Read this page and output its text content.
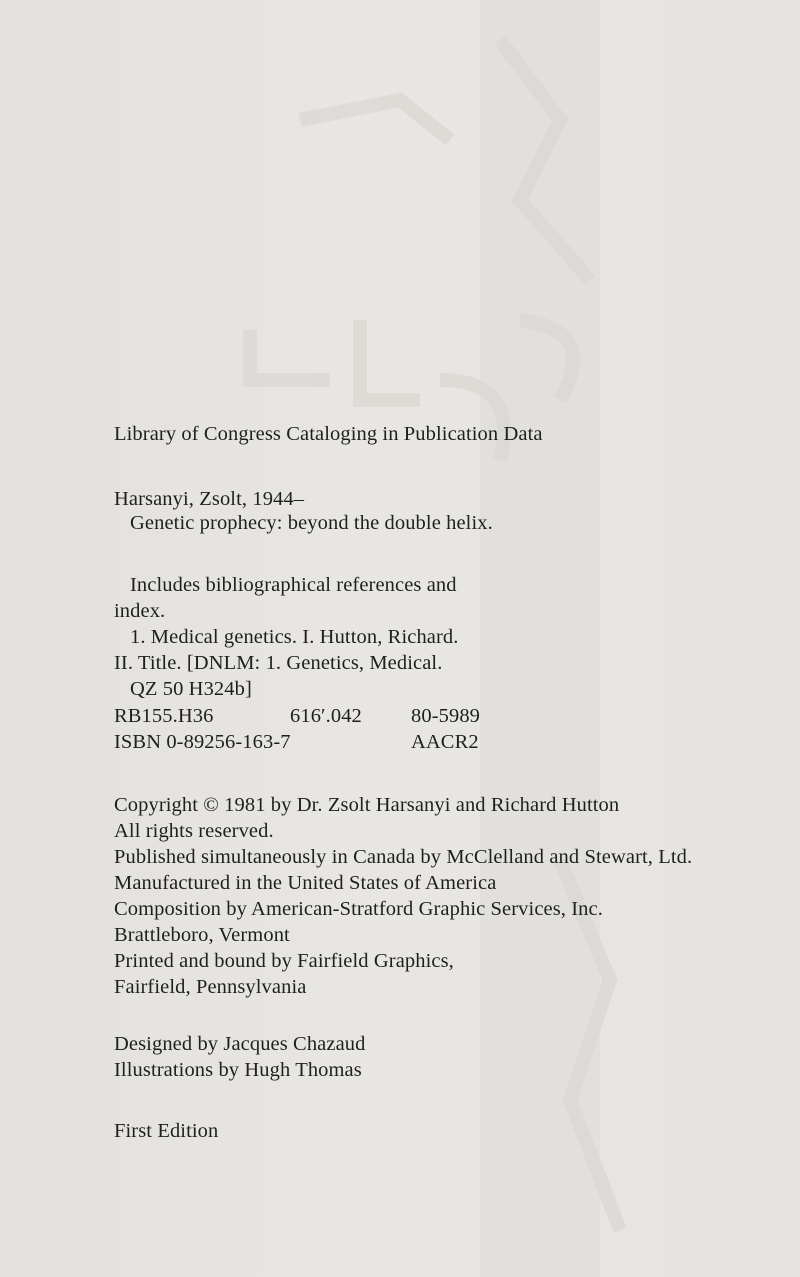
Library of Congress Cataloging in Publication Data
Harsanyi, Zsolt, 1944–
Genetic prophecy: beyond the double helix.
Includes bibliographical references and
index.
1. Medical genetics. I. Hutton, Richard.
II. Title. [DNLM: 1. Genetics, Medical.
QZ 50 H324b]
RB155.H36	616′.042 80-5989
ISBN 0-89256-163-7	AACR2
Copyright © 1981 by Dr. Zsolt Harsanyi and Richard Hutton
All rights reserved.
Published simultaneously in Canada by McClelland and Stewart, Ltd.
Manufactured in the United States of America
Composition by American-Stratford Graphic Services, Inc.
Brattleboro, Vermont
Printed and bound by Fairfield Graphics,
Fairfield, Pennsylvania
Designed by Jacques Chazaud
Illustrations by Hugh Thomas
First Edition
